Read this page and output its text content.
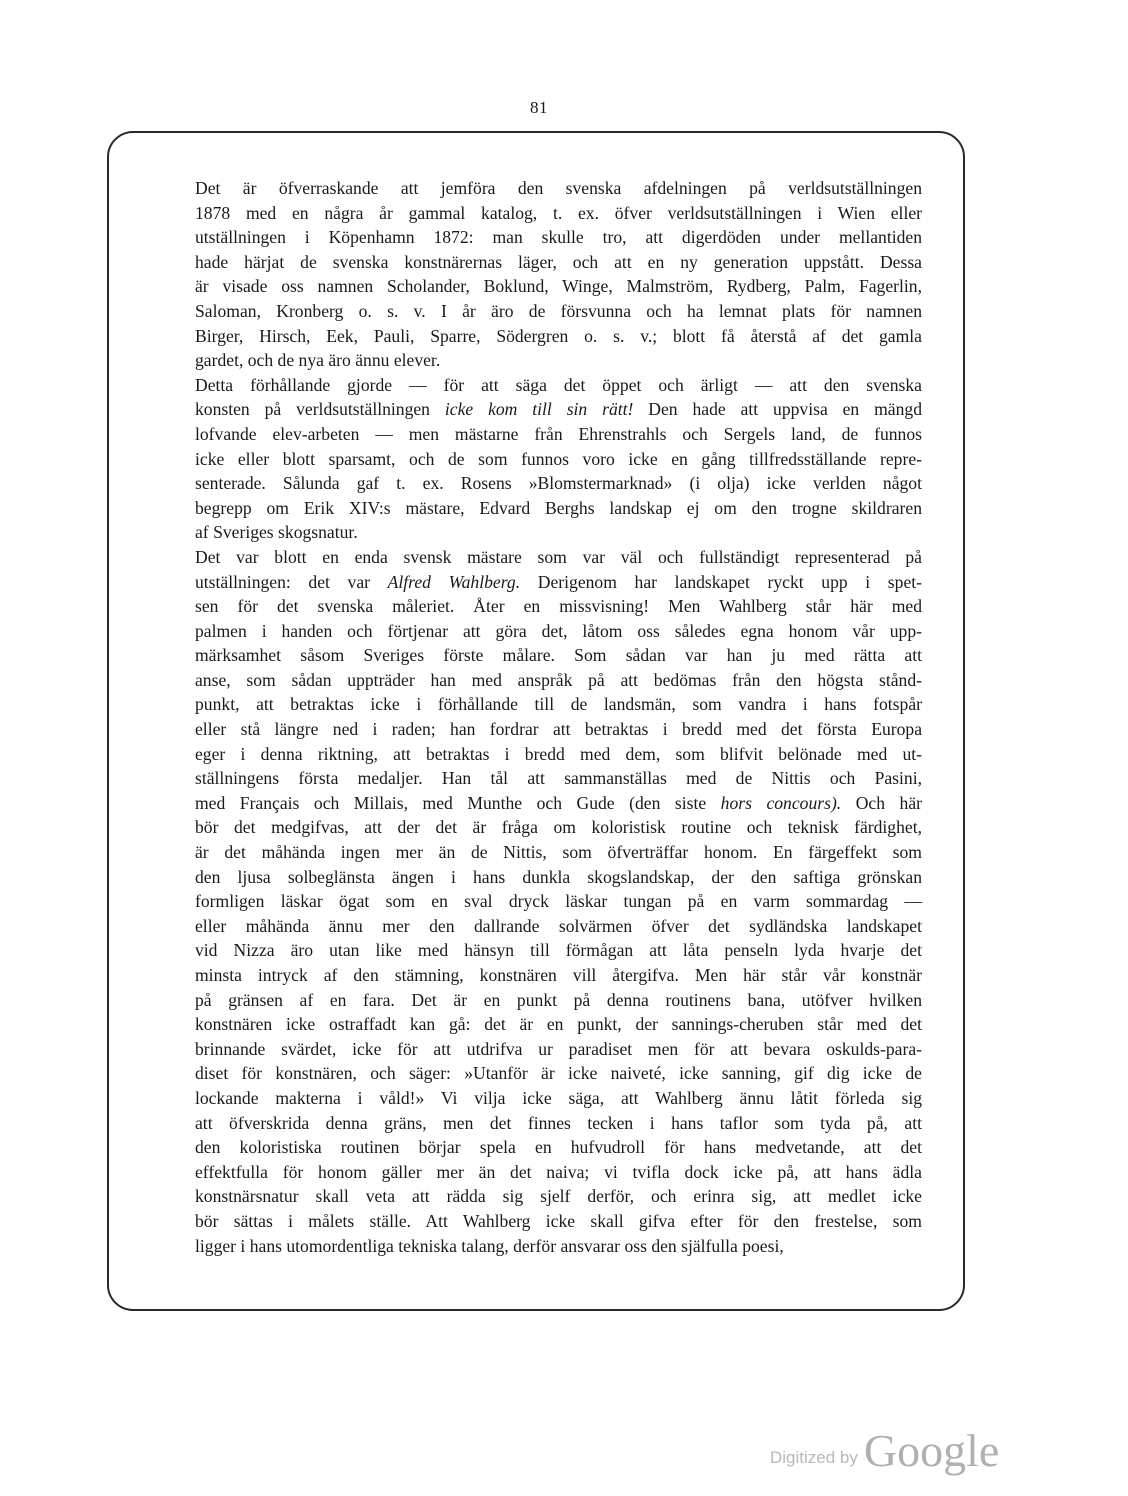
81

Det är öfverraskande att jemföra den svenska afdelningen på verldsutställningen
1878 med en några år gammal katalog, t. ex. öfver verldsutställningen i Wien eller
utställningen i Köpenhamn 1872: man skulle tro, att digerdöden under mellantiden
hade härjat de svenska konstnärernas läger, och att en ny generation uppstått. Dessa
är visade oss namnen Scholander, Boklund, Winge, Malmström, Rydberg, Palm, Fagerlin,
Saloman, Kronberg o. s. v. I år äro de försvunna och ha lemnat plats för namnen
Birger, Hirsch, Eek, Pauli, Sparre, Södergren o. s. v.; blott få återstå af det gamla
gardet, och de nya äro ännu elever.

Detta förhållande gjorde — för att säga det öppet och ärligt — att den svenska
konsten på verldsutställningen icke kom till sin rätt! Den hade att uppvisa en mängd
lofvande elev-arbeten — men mästarne från Ehrenstrahls och Sergels land, de funnos
icke eller blott sparsamt, och de som funnos voro icke en gång tillfredsställande repre-
senterade. Sålunda gaf t. ex. Rosens »Blomstermarknad» (i olja) icke verlden något
begrepp om Erik XIV:s mästare, Edvard Berghs landskap ej om den trogne skildraren
af Sveriges skogsnatur.

Det var blott en enda svensk mästare som var väl och fullständigt representerad på
utställningen: det var Alfred Wahlberg. Derigenom har landskapet ryckt upp i spet-
sen för det svenska måleriet. Åter en missvisning! Men Wahlberg står här med
palmen i handen och förtjenar att göra det, låtom oss således egna honom vår upp-
märksamhet såsom Sveriges förste målare. Som sådan var han ju med rätta att
anse, som sådan uppträder han med anspråk på att bedömas från den högsta stånd-
punkt, att betraktas icke i förhållande till de landsmän, som vandra i hans fotspår
eller stå längre ned i raden; han fordrar att betraktas i bredd med det första Europa
eger i denna riktning, att betraktas i bredd med dem, som blifvit belönade med ut-
ställningens första medaljer. Han tål att sammanställas med de Nittis och Pasini,
med Français och Millais, med Munthe och Gude (den siste hors concours). Och här
bör det medgifvas, att der det är fråga om koloristisk routine och teknisk färdighet,
är det måhända ingen mer än de Nittis, som öfverträffar honom. En färgeffekt som
den ljusa solbeglänsta ängen i hans dunkla skogslandskap, der den saftiga grönskan
formligen läskar ögat som en sval dryck läskar tungan på en varm sommardag —
eller måhända ännu mer den dallrande solvärmen öfver det sydländska landskapet
vid Nizza äro utan like med hänsyn till förmågan att låta penseln lyda hvarje det
minsta intryck af den stämning, konstnären vill återgifva. Men här står vår konstnär
på gränsen af en fara. Det är en punkt på denna routinens bana, utöfver hvilken
konstnären icke ostraffadt kan gå: det är en punkt, der sannings-cheruben står med det
brinnande svärdet, icke för att utdrifva ur paradiset men för att bevara oskulds-para-
diset för konstnären, och säger: »Utanför är icke naiveté, icke sanning, gif dig icke de
lockande makterna i våld!» Vi vilja icke säga, att Wahlberg ännu låtit förleda sig
att öfverskrida denna gräns, men det finnes tecken i hans taflor som tyda på, att
den koloristiska routinen börjar spela en hufvudroll för hans medvetande, att det
effektfulla för honom gäller mer än det naiva; vi tvifla dock icke på, att hans ädla
konstnärsnatur skall veta att rädda sig sjelf derför, och erinra sig, att medlet icke
bör sättas i målets ställe. Att Wahlberg icke skall gifva efter för den frestelse, som
ligger i hans utomordentliga tekniska talang, derför ansvarar oss den själfulla poesi,

Digitized by Google
